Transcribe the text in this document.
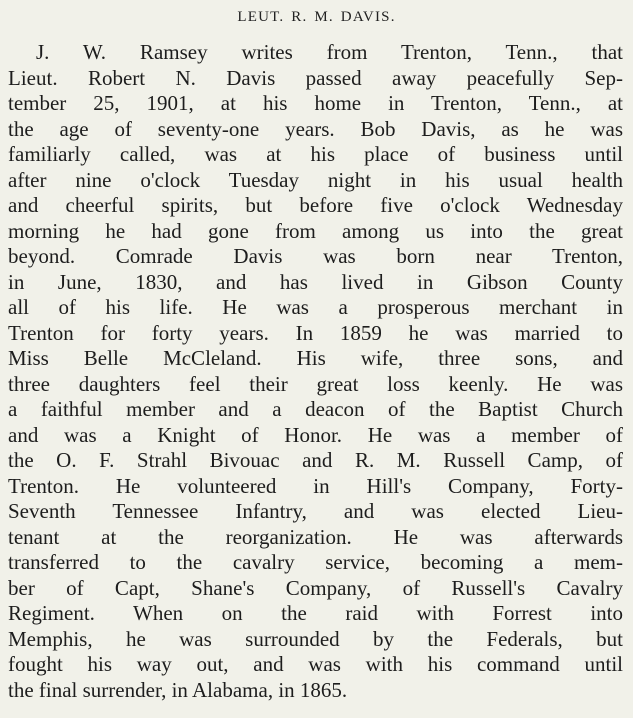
LEUT. R. M. DAVIS.
J. W. Ramsey writes from Trenton, Tenn., that
Lieut. Robert N. Davis passed away peacefully Sep-
tember 25, 1901, at his home in Trenton, Tenn., at
the age of seventy-one years. Bob Davis, as he was
familiarly called, was at his place of business until
after nine o'clock Tuesday night in his usual health
and cheerful spirits, but before five o'clock Wednesday
morning he had gone from among us into the great
beyond. Comrade Davis was born near Trenton,
in June, 1830, and has lived in Gibson County
all of his life. He was a prosperous merchant in
Trenton for forty years. In 1859 he was married to
Miss Belle McCleland. His wife, three sons, and
three daughters feel their great loss keenly. He was
a faithful member and a deacon of the Baptist Church
and was a Knight of Honor. He was a member of
the O. F. Strahl Bivouac and R. M. Russell Camp, of
Trenton. He volunteered in Hill's Company, Forty-
Seventh Tennessee Infantry, and was elected Lieu-
tenant at the reorganization. He was afterwards
transferred to the cavalry service, becoming a mem-
ber of Capt, Shane's Company, of Russell's Cavalry
Regiment. When on the raid with Forrest into
Memphis, he was surrounded by the Federals, but
fought his way out, and was with his command until
the final surrender, in Alabama, in 1865.
